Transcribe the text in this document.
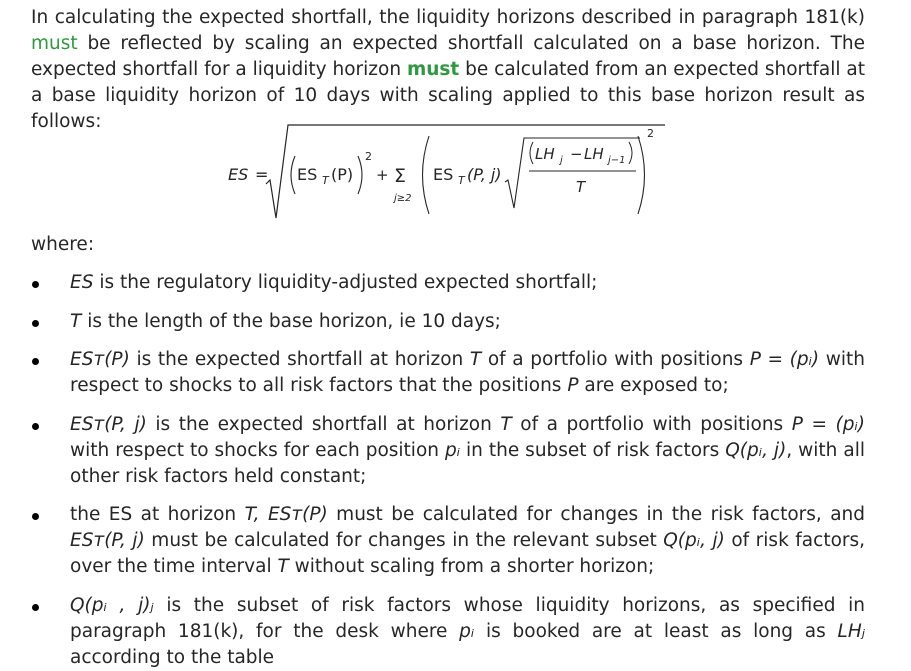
In calculating the expected shortfall, the liquidity horizons described in paragraph 181(k) must be reflected by scaling an expected shortfall calculated on a base horizon. The expected shortfall for a liquidity horizon must be calculated from an expected shortfall at a base liquidity horizon of 10 days with scaling applied to this base horizon result as follows:

ES = ES T (P)
2
+ Σ
j≥2
ES T (P, j)
LH j − LH j−1
T
2

where:

ES is the regulatory liquidity-adjusted expected shortfall;
T is the length of the base horizon, ie 10 days;
ESᴛ(P) is the expected shortfall at horizon T of a portfolio with positions P = (pᵢ) with respect to shocks to all risk factors that the positions P are exposed to;
ESᴛ(P, j) is the expected shortfall at horizon T of a portfolio with positions P = (pᵢ) with respect to shocks for each position pᵢ in the subset of risk factors Q(pᵢ, j), with all other risk factors held constant;
the ES at horizon T, ESᴛ(P) must be calculated for changes in the risk factors, and ESᴛ(P, j) must be calculated for changes in the relevant subset Q(pᵢ, j) of risk factors, over the time interval T without scaling from a shorter horizon;
Q(pᵢ , j)ⱼ is the subset of risk factors whose liquidity horizons, as specified in paragraph 181(k), for the desk where pᵢ is booked are at least as long as LHⱼ according to the table
